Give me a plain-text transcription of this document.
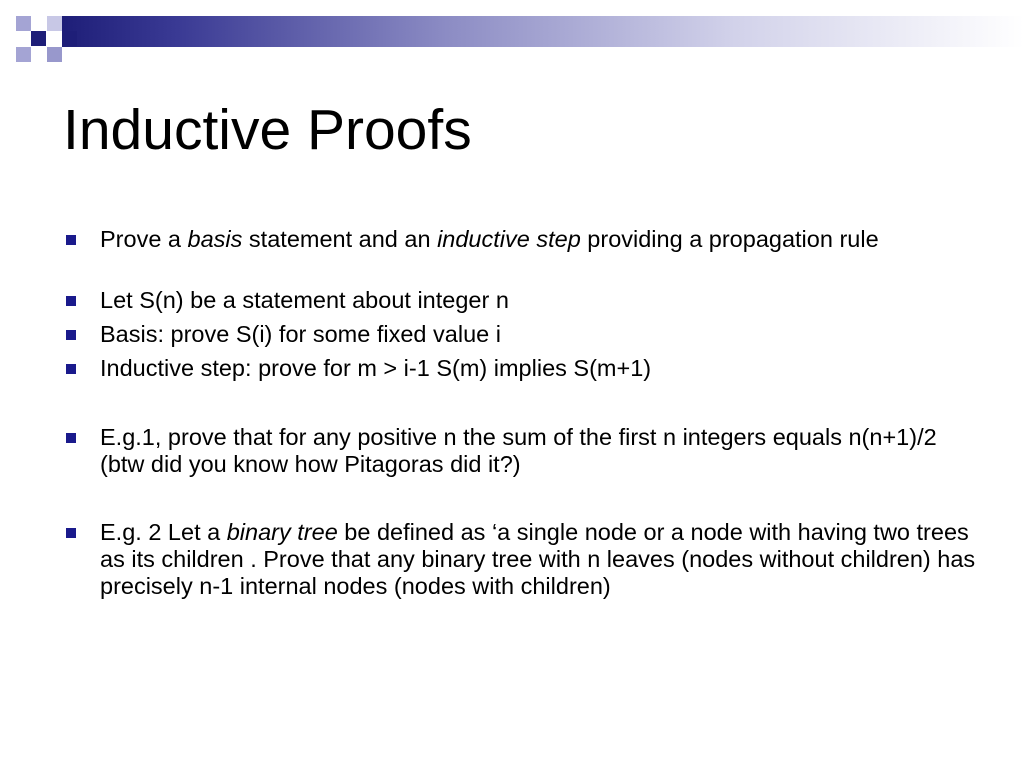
Inductive Proofs
Prove a basis statement and an inductive step providing a propagation rule
Let S(n) be a statement about integer n
Basis: prove S(i) for some fixed value i
Inductive step: prove for m > i-1 S(m) implies S(m+1)
E.g.1, prove that for any positive n the sum of the first n integers equals n(n+1)/2 (btw did you know how Pitagoras did it?)
E.g. 2 Let a binary tree be defined as ‘a single node or a node with having two trees as its children . Prove that any binary tree with n leaves (nodes without children) has precisely n-1 internal nodes (nodes with children)
